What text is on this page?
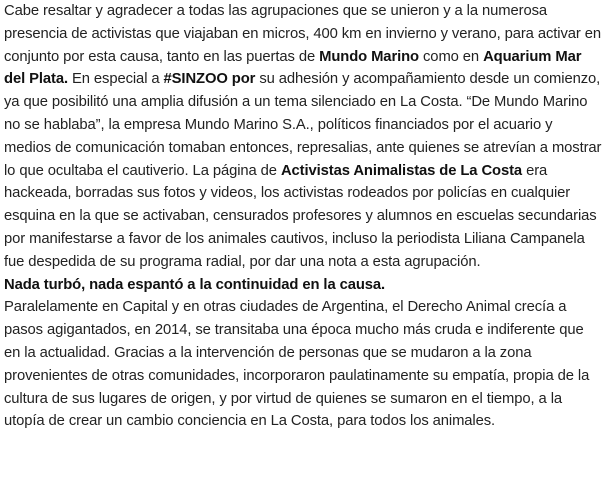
Cabe resaltar y agradecer a todas las agrupaciones que se unieron y a la numerosa
presencia de activistas que viajaban en micros, 400 km en invierno y verano, para activar en
conjunto por esta causa, tanto en las puertas de Mundo Marino como en Aquarium Mar
del Plata. En especial a #SINZOO por su adhesión y acompañamiento desde un comienzo,
ya que posibilitó una amplia difusión a un tema silenciado en La Costa. “De Mundo Marino
no se hablaba”, la empresa Mundo Marino S.A., políticos financiados por el acuario y
medios de comunicación tomaban entonces, represalias, ante quienes se atrevían a mostrar
lo que ocultaba el cautiverio. La página de Activistas Animalistas de La Costa era
hackeada, borradas sus fotos y videos, los activistas rodeados por policías en cualquier
esquina en la que se activaban, censurados profesores y alumnos en escuelas secundarias
por manifestarse a favor de los animales cautivos, incluso la periodista Liliana Campanela
fue despedida de su programa radial, por dar una nota a esta agrupación.

Nada turbó, nada espantó a la continuidad en la causa.

Paralelamente en Capital y en otras ciudades de Argentina, el Derecho Animal crecía a
pasos agigantados, en 2014, se transitaba una época mucho más cruda e indiferente que
en la actualidad. Gracias a la intervención de personas que se mudaron a la zona
provenientes de otras comunidades, incorporaron paulatinamente su empatía, propia de la
cultura de sus lugares de origen, y por virtud de quienes se sumaron en el tiempo, a la
utopía de crear un cambio conciencia en La Costa, para todos los animales.
